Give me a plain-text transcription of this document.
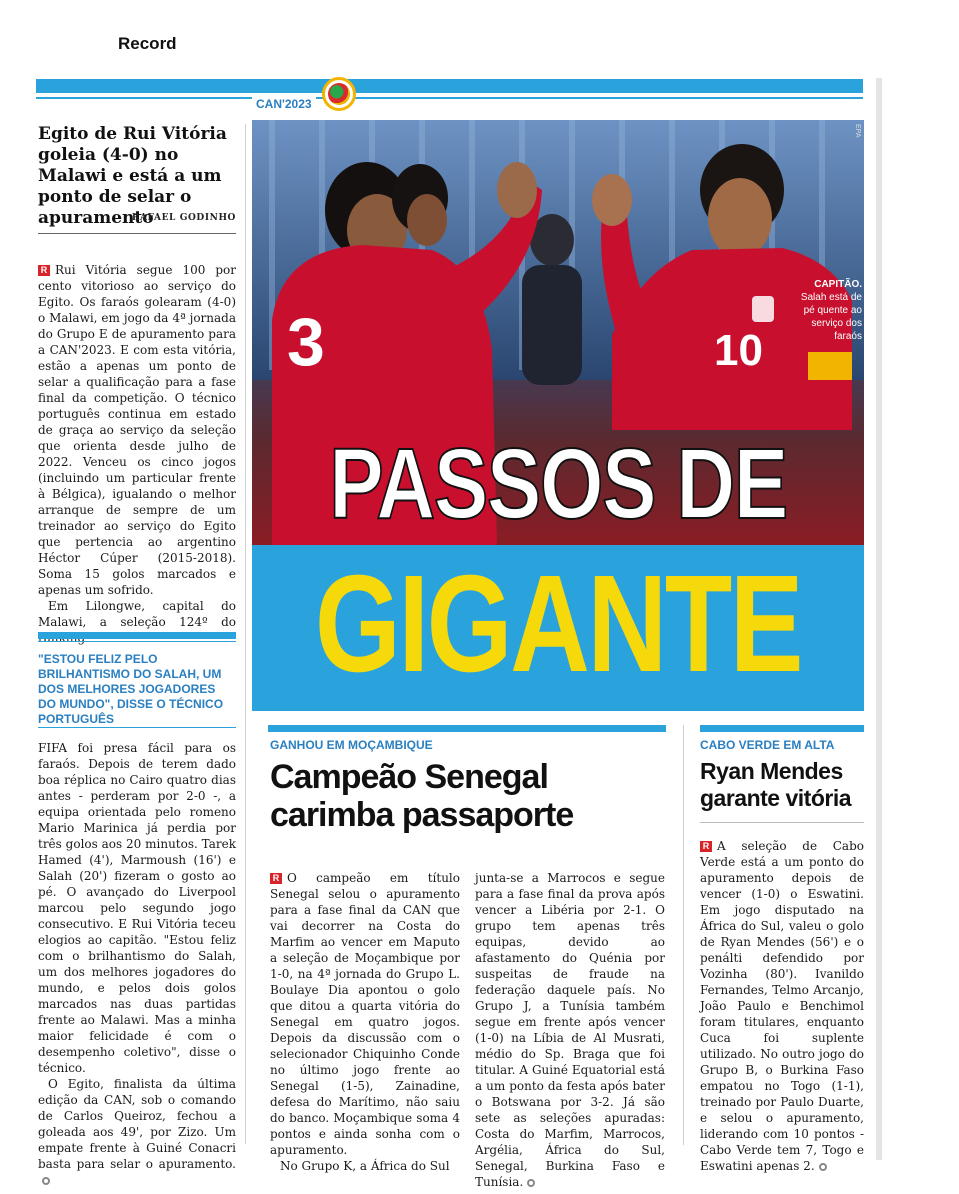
Record
CAN'2023
Egito de Rui Vitória goleia (4-0) no Malawi e está a um ponto de selar o apuramento
RAFAEL GODINHO

R Rui Vitória segue 100 por cento vitorioso ao serviço do Egito. Os faraós golearam (4-0) o Malawi, em jogo da 4ª jornada do Grupo E de apuramento para a CAN'2023. E com esta vitória, estão a apenas um ponto de selar a qualificação para a fase final da competição. O técnico português continua em estado de graça ao serviço da seleção que orienta desde julho de 2022. Venceu os cinco jogos (incluindo um particular frente à Bélgica), igualando o melhor arranque de sempre de um treinador ao serviço do Egito que pertencia ao argentino Héctor Cúper (2015-2018). Soma 15 golos marcados e apenas um sofrido.

Em Lilongwe, capital do Malawi, a seleção 124º do

"ESTOU FELIZ PELO BRILHANTISMO DO SALAH, UM DOS MELHORES JOGADORES DO MUNDO", DISSE O TÉCNICO PORTUGUÊS

FIFA foi presa fácil para os faraós. Depois de terem dado boa réplica no Cairo quatro dias antes - perderam por 2-0 -, a equipa orientada pelo romeno Mario Marinica já perdia por três golos aos 20 minutos. Tarek Hamed (4'), Marmoush (16') e Salah (20') fizeram o gosto ao pé. O avançado do Liverpool marcou pelo segundo jogo consecutivo. E Rui Vitória teceu elogios ao capitão. "Estou feliz com o brilhantismo do Salah, um dos melhores jogadores do mundo, e pelos dois golos marcados nas duas partidas frente ao Malawi. Mas a minha maior felicidade é com o desempenho coletivo", disse o técnico.

O Egito, finalista da última edição da CAN, sob o comando de Carlos Queiroz, fechou a goleada aos 49', por Zizo. Um empate frente à Guiné Conacri basta para selar o apuramento.

3	10
EPA
CAPITÃO.
Salah está de pé quente ao serviço dos faraós
PASSOS DE
GIGANTE
GANHOU EM MOÇAMBIQUE
Campeão Senegal carimba passaporte

R O campeão em título Senegal selou o apuramento para a fase final da CAN que vai decorrer na Costa do Marfim ao vencer em Maputo a seleção de Moçambique por 1-0, na 4ª jornada do Grupo L. Boulaye Dia apontou o golo que ditou a quarta vitória do Senegal em quatro jogos. Depois da discussão com o selecionador Chiquinho Conde no último jogo frente ao Senegal (1-5), Zainadine, defesa do Marítimo, não saiu do banco. Moçambique soma 4 pontos e ainda sonha com o apuramento.

No Grupo K, a África do Sul

junta-se a Marrocos e segue para a fase final da prova após vencer a Libéria por 2-1. O grupo tem apenas três equipas, devido ao afastamento do Quénia por suspeitas de fraude na federação daquele país. No Grupo J, a Tunísia também segue em frente após vencer (1-0) na Líbia de Al Musrati, médio do Sp. Braga que foi titular. A Guiné Equatorial está a um ponto da festa após bater o Botswana por 3-2. Já são sete as seleções apuradas: Costa do Marfim, Marrocos, Argélia, África do Sul, Senegal, Burkina Faso e Tunísia.

CABO VERDE EM ALTA
Ryan Mendes garante vitória

R A seleção de Cabo Verde está a um ponto do apuramento depois de vencer (1-0) o Eswatini. Em jogo disputado na África do Sul, valeu o golo de Ryan Mendes (56') e o penálti defendido por Vozinha (80'). Ivanildo Fernandes, Telmo Arcanjo, João Paulo e Benchimol foram titulares, enquanto Cuca foi suplente utilizado. No outro jogo do Grupo B, o Burkina Faso empatou no Togo (1-1), treinado por Paulo Duarte, e selou o apuramento, liderando com 10 pontos - Cabo Verde tem 7, Togo e Eswatini apenas 2.
